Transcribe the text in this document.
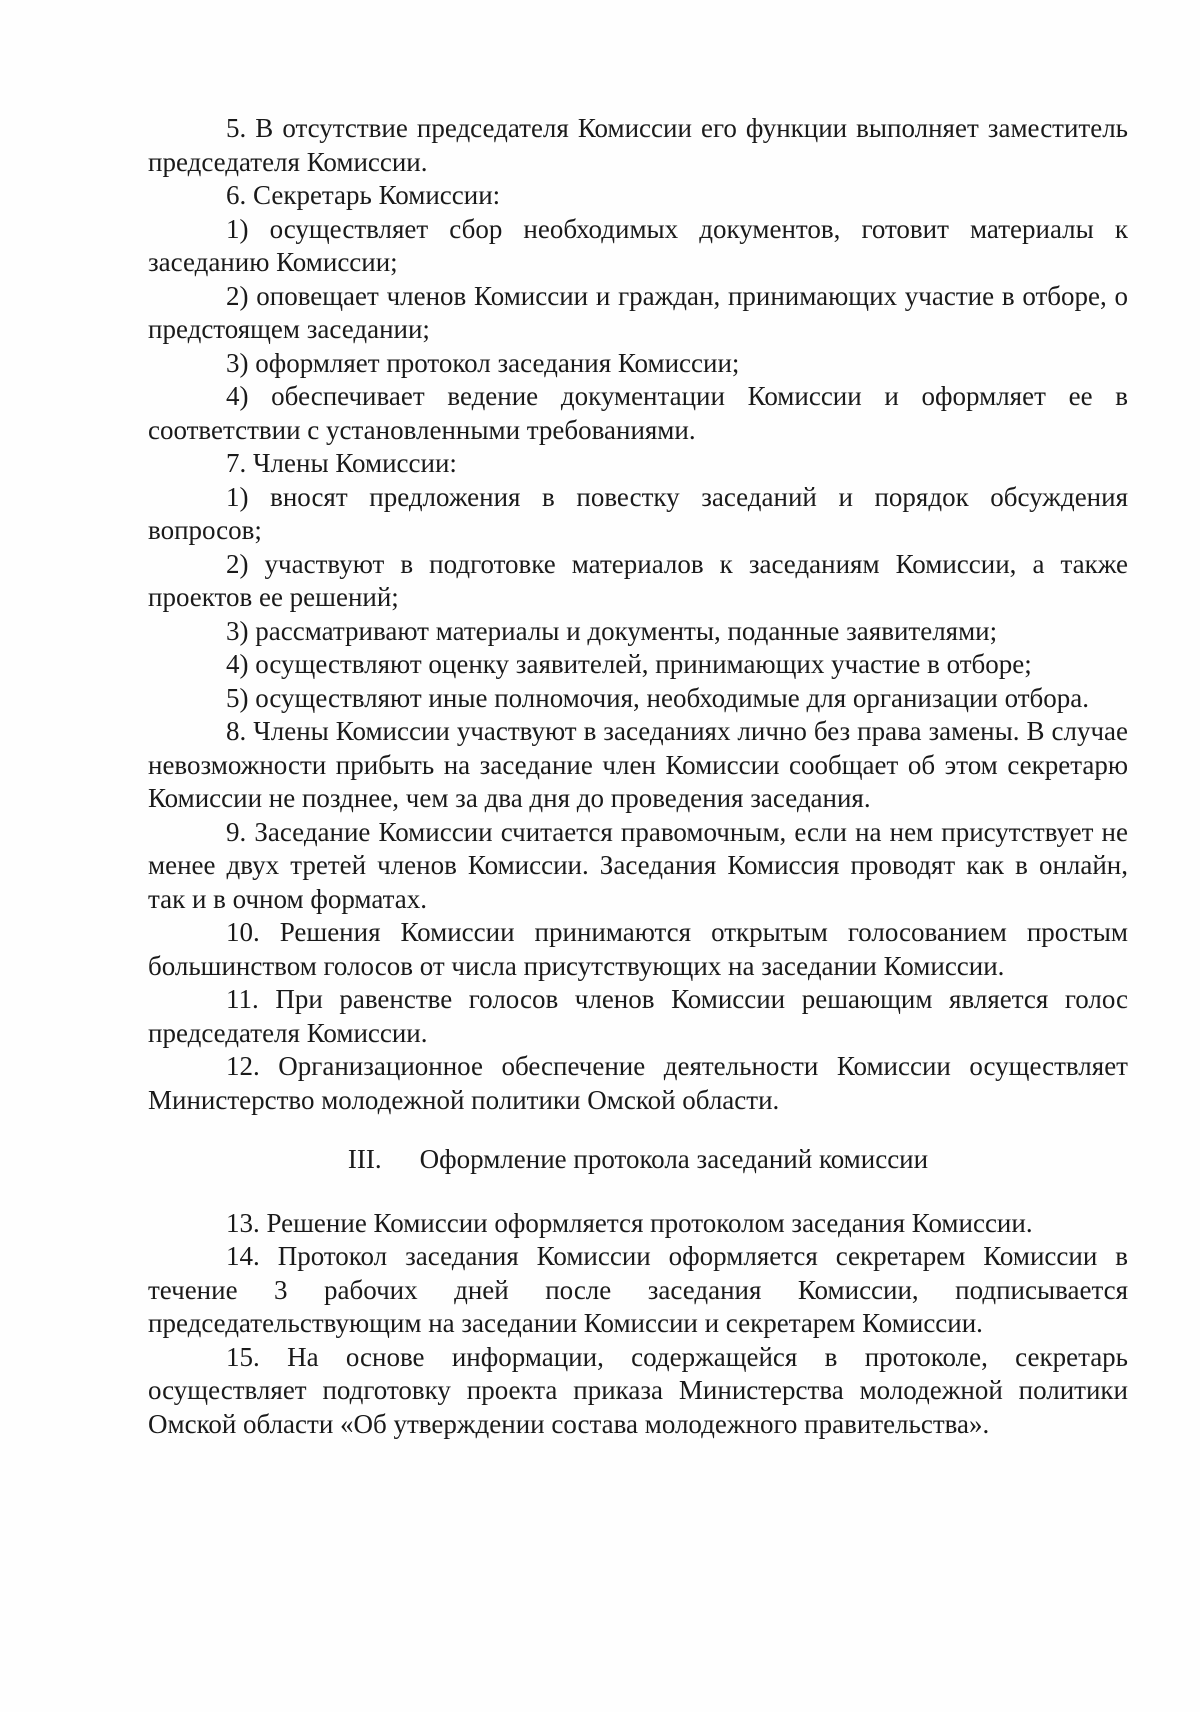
5. В отсутствие председателя Комиссии его функции выполняет заместитель председателя Комиссии.

6. Секретарь Комиссии:

1) осуществляет сбор необходимых документов, готовит материалы к заседанию Комиссии;

2) оповещает членов Комиссии и граждан, принимающих участие в отборе, о предстоящем заседании;

3) оформляет протокол заседания Комиссии;

4) обеспечивает ведение документации Комиссии и оформляет ее в соответствии с установленными требованиями.

7. Члены Комиссии:

1) вносят предложения в повестку заседаний и порядок обсуждения вопросов;

2) участвуют в подготовке материалов к заседаниям Комиссии, а также проектов ее решений;

3) рассматривают материалы и документы, поданные заявителями;

4) осуществляют оценку заявителей, принимающих участие в отборе;

5) осуществляют иные полномочия, необходимые для организации отбора.

8. Члены Комиссии участвуют в заседаниях лично без права замены. В случае невозможности прибыть на заседание член Комиссии сообщает об этом секретарю Комиссии не позднее, чем за два дня до проведения заседания.

9. Заседание Комиссии считается правомочным, если на нем присутствует не менее двух третей членов Комиссии. Заседания Комиссия проводят как в онлайн, так и в очном форматах.

10. Решения Комиссии принимаются открытым голосованием простым большинством голосов от числа присутствующих на заседании Комиссии.

11. При равенстве голосов членов Комиссии решающим является голос председателя Комиссии.

12. Организационное обеспечение деятельности Комиссии осуществляет Министерство молодежной политики Омской области.

III. Оформление протокола заседаний комиссии

13. Решение Комиссии оформляется протоколом заседания Комиссии.

14. Протокол заседания Комиссии оформляется секретарем Комиссии в течение 3 рабочих дней после заседания Комиссии, подписывается председательствующим на заседании Комиссии и секретарем Комиссии.

15. На основе информации, содержащейся в протоколе, секретарь осуществляет подготовку проекта приказа Министерства молодежной политики Омской области «Об утверждении состава молодежного правительства».
